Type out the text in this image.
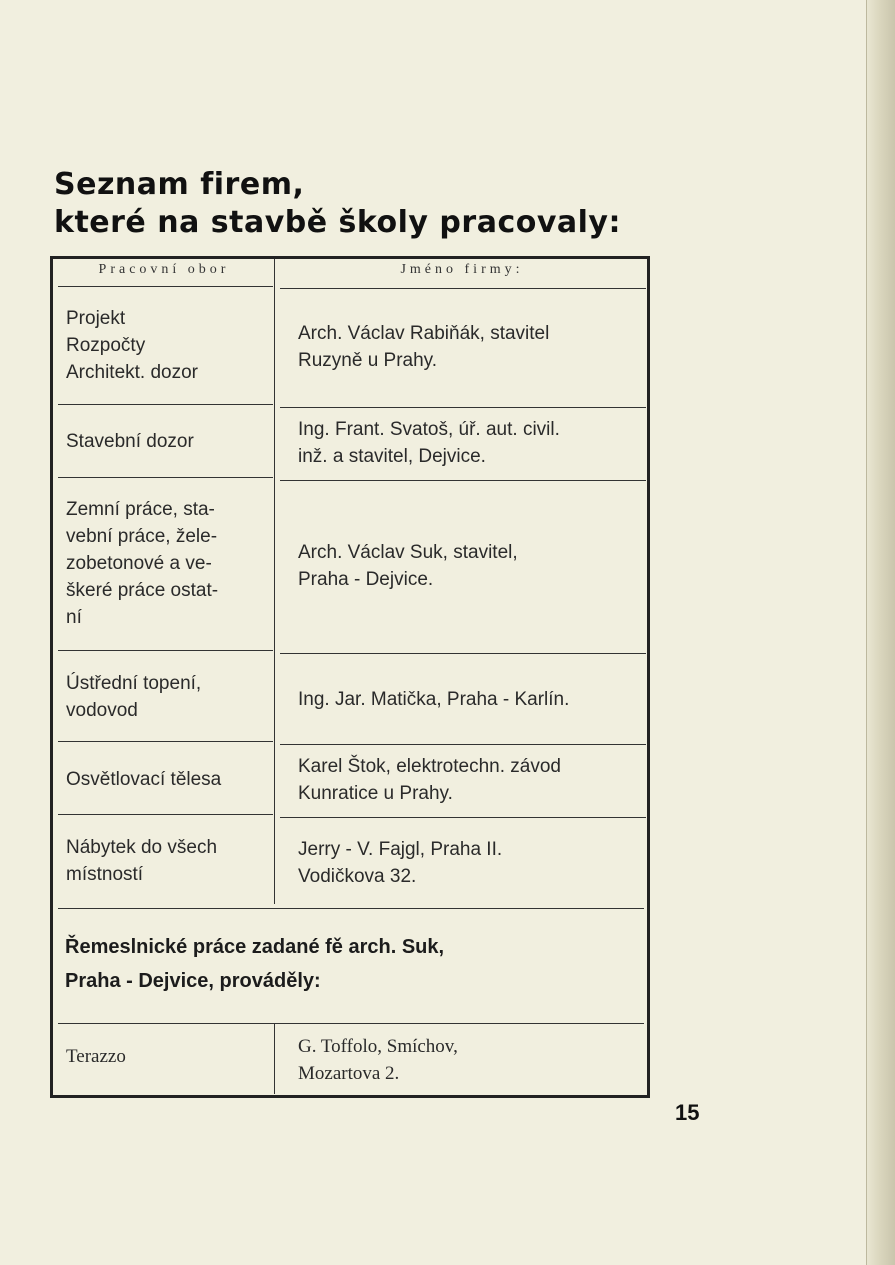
Seznam firem,
které na stavbě školy pracovaly:
Pracovní obor	Jméno firmy:
Projekt
Rozpočty
Architekt. dozor
Arch. Václav Rabiňák, stavitel
Ruzyně u Prahy.
Stavební dozor
Ing. Frant. Svatoš, úř. aut. civil.
inž. a stavitel, Dejvice.
Zemní práce, sta-
vební práce, žele-
zobetonové a ve-
škeré práce ostat-
ní
Arch. Václav Suk, stavitel,
Praha - Dejvice.
Ústřední topení,
vodovod
Ing. Jar. Matička, Praha - Karlín.
Osvětlovací tělesa
Karel Štok, elektrotechn. závod
Kunratice u Prahy.
Nábytek do všech
místností
Jerry - V. Fajgl, Praha II.
Vodičkova 32.
Řemeslnické práce zadané fě arch. Suk,
Praha - Dejvice, prováděly:
Terazzo	G. Toffolo, Smíchov,
Mozartova 2.
15
